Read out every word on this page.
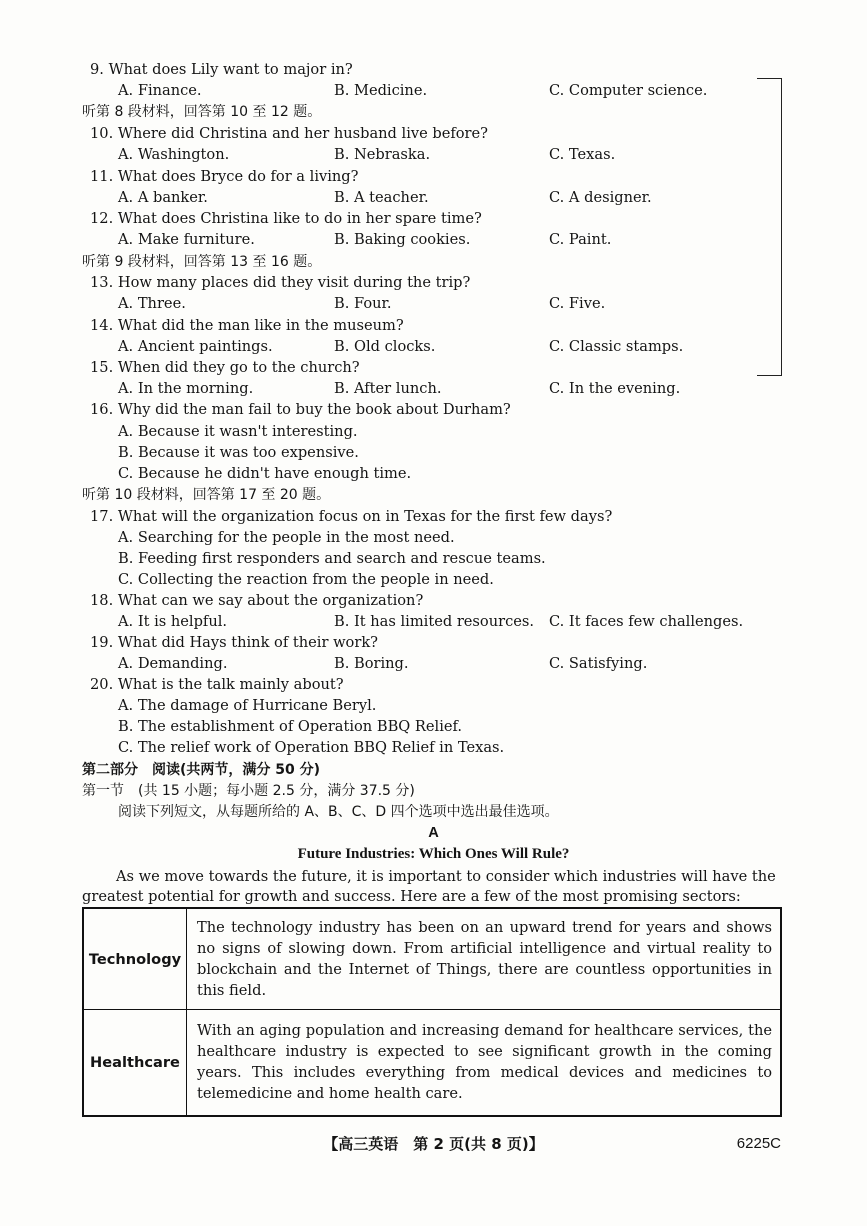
9. What does Lily want to major in?
A. Finance.	B. Medicine.	C. Computer science.
听第 8 段材料，回答第 10 至 12 题。
10. Where did Christina and her husband live before?
A. Washington.	B. Nebraska.	C. Texas.
11. What does Bryce do for a living?
A. A banker.	B. A teacher.	C. A designer.
12. What does Christina like to do in her spare time?
A. Make furniture.	B. Baking cookies.	C. Paint.
听第 9 段材料，回答第 13 至 16 题。
13. How many places did they visit during the trip?
A. Three.	B. Four.	C. Five.
14. What did the man like in the museum?
A. Ancient paintings.	B. Old clocks.	C. Classic stamps.
15. When did they go to the church?
A. In the morning.	B. After lunch.	C. In the evening.
16. Why did the man fail to buy the book about Durham?
A. Because it wasn't interesting.
B. Because it was too expensive.
C. Because he didn't have enough time.
听第 10 段材料，回答第 17 至 20 题。
17. What will the organization focus on in Texas for the first few days?
A. Searching for the people in the most need.
B. Feeding first responders and search and rescue teams.
C. Collecting the reaction from the people in need.
18. What can we say about the organization?
A. It is helpful.	B. It has limited resources. C. It faces few challenges.
19. What did Hays think of their work?
A. Demanding.	B. Boring.	C. Satisfying.
20. What is the talk mainly about?
A. The damage of Hurricane Beryl.
B. The establishment of Operation BBQ Relief.
C. The relief work of Operation BBQ Relief in Texas.
第二部分　阅读(共两节，满分 50 分)
第一节　(共 15 小题；每小题 2.5 分，满分 37.5 分)
阅读下列短文，从每题所给的 A、B、C、D 四个选项中选出最佳选项。
A
Future Industries: Which Ones Will Rule?
As we move towards the future, it is important to consider which industries will have the
greatest potential for growth and success. Here are a few of the most promising sectors:
Technology	The technology industry has been on an upward trend for years and shows no signs of slowing down. From artificial intelligence and virtual reality to blockchain and the Internet of Things, there are countless opportunities in this field.
Healthcare	With an aging population and increasing demand for healthcare services, the healthcare industry is expected to see significant growth in the coming years. This includes everything from medical devices and medicines to telemedicine and home health care.
【高三英语　第 2 页(共 8 页)】	6225C
